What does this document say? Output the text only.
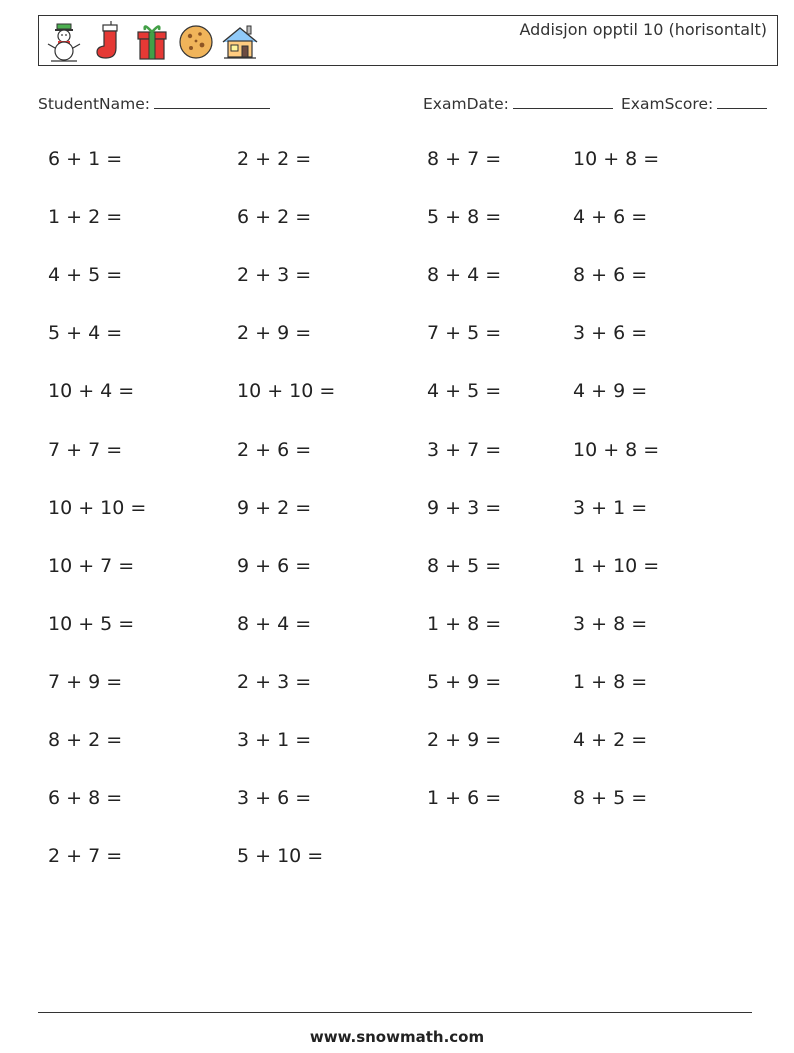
Addisjon opptil 10 (horisontalt)
StudentName:	ExamDate:	ExamScore:
6 + 1 =	2 + 2 =	8 + 7 =	10 + 8 =
1 + 2 =	6 + 2 =	5 + 8 =	4 + 6 =
4 + 5 =	2 + 3 =	8 + 4 =	8 + 6 =
5 + 4 =	2 + 9 =	7 + 5 =	3 + 6 =
10 + 4 =	10 + 10 =	4 + 5 =	4 + 9 =
7 + 7 =	2 + 6 =	3 + 7 =	10 + 8 =
10 + 10 =	9 + 2 =	9 + 3 =	3 + 1 =
10 + 7 =	9 + 6 =	8 + 5 =	1 + 10 =
10 + 5 =	8 + 4 =	1 + 8 =	3 + 8 =
7 + 9 =	2 + 3 =	5 + 9 =	1 + 8 =
8 + 2 =	3 + 1 =	2 + 9 =	4 + 2 =
6 + 8 =	3 + 6 =	1 + 6 =	8 + 5 =
2 + 7 =	5 + 10 =
www.snowmath.com
